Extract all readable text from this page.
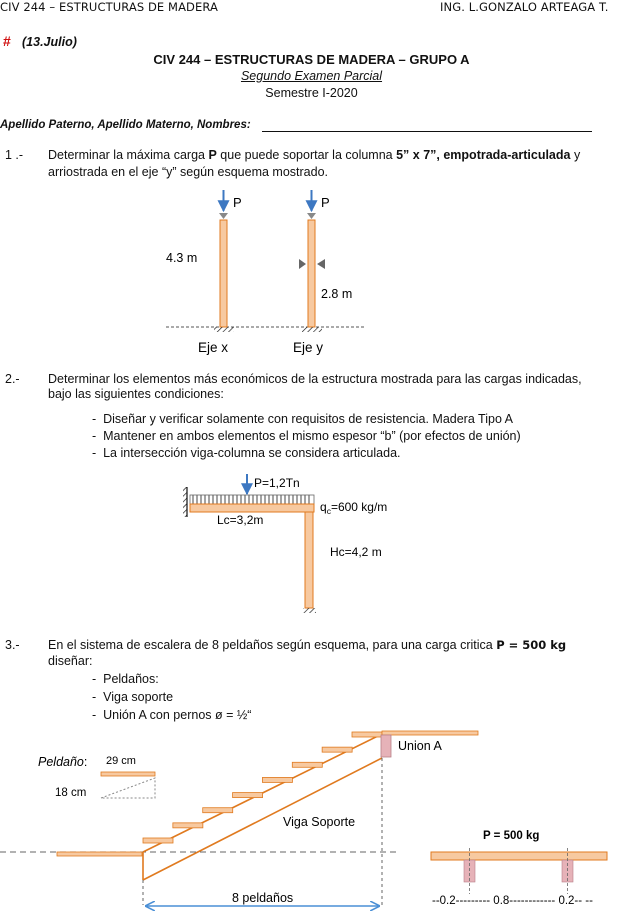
CIV 244 – ESTRUCTURAS DE MADERA	ING. L.GONZALO ARTEAGA T.
# (13.Julio)
CIV 244 – ESTRUCTURAS DE MADERA – GRUPO A
Segundo Examen Parcial
Semestre I-2020
Apellido Paterno, Apellido Materno, Nombres:
1 .- Determinar la máxima carga P que puede soportar la columna 5” x 7”, empotrada-articulada y
arriostrada en el eje “y” según esquema mostrado.
P	P
4.3 m
2.8 m
Eje x	Eje y
P=1,2Tn
$q_c=600$ kg/m
Lc=3,2m
Hc=4,2 m
Peldaño: 29 cm
18 cm
Union A
Viga Soporte
8 peldaños
P = 500 kg
--0.2--------- 0.8------------ 0.2-- --
2.- Determinar los elementos más económicos de la estructura mostrada para las cargas indicadas,
bajo las siguientes condiciones:
-  Diseñar y verificar solamente con requisitos de resistencia. Madera Tipo A
-  Mantener en ambos elementos el mismo espesor “b” (por efectos de unión)
-  La intersección viga-columna se considera articulada.
3.- En el sistema de escalera de 8 peldaños según esquema, para una carga critica P = 500 kg
diseñar:
-  Peldaños:
-  Viga soporte
-  Unión A con pernos ø = ½“
